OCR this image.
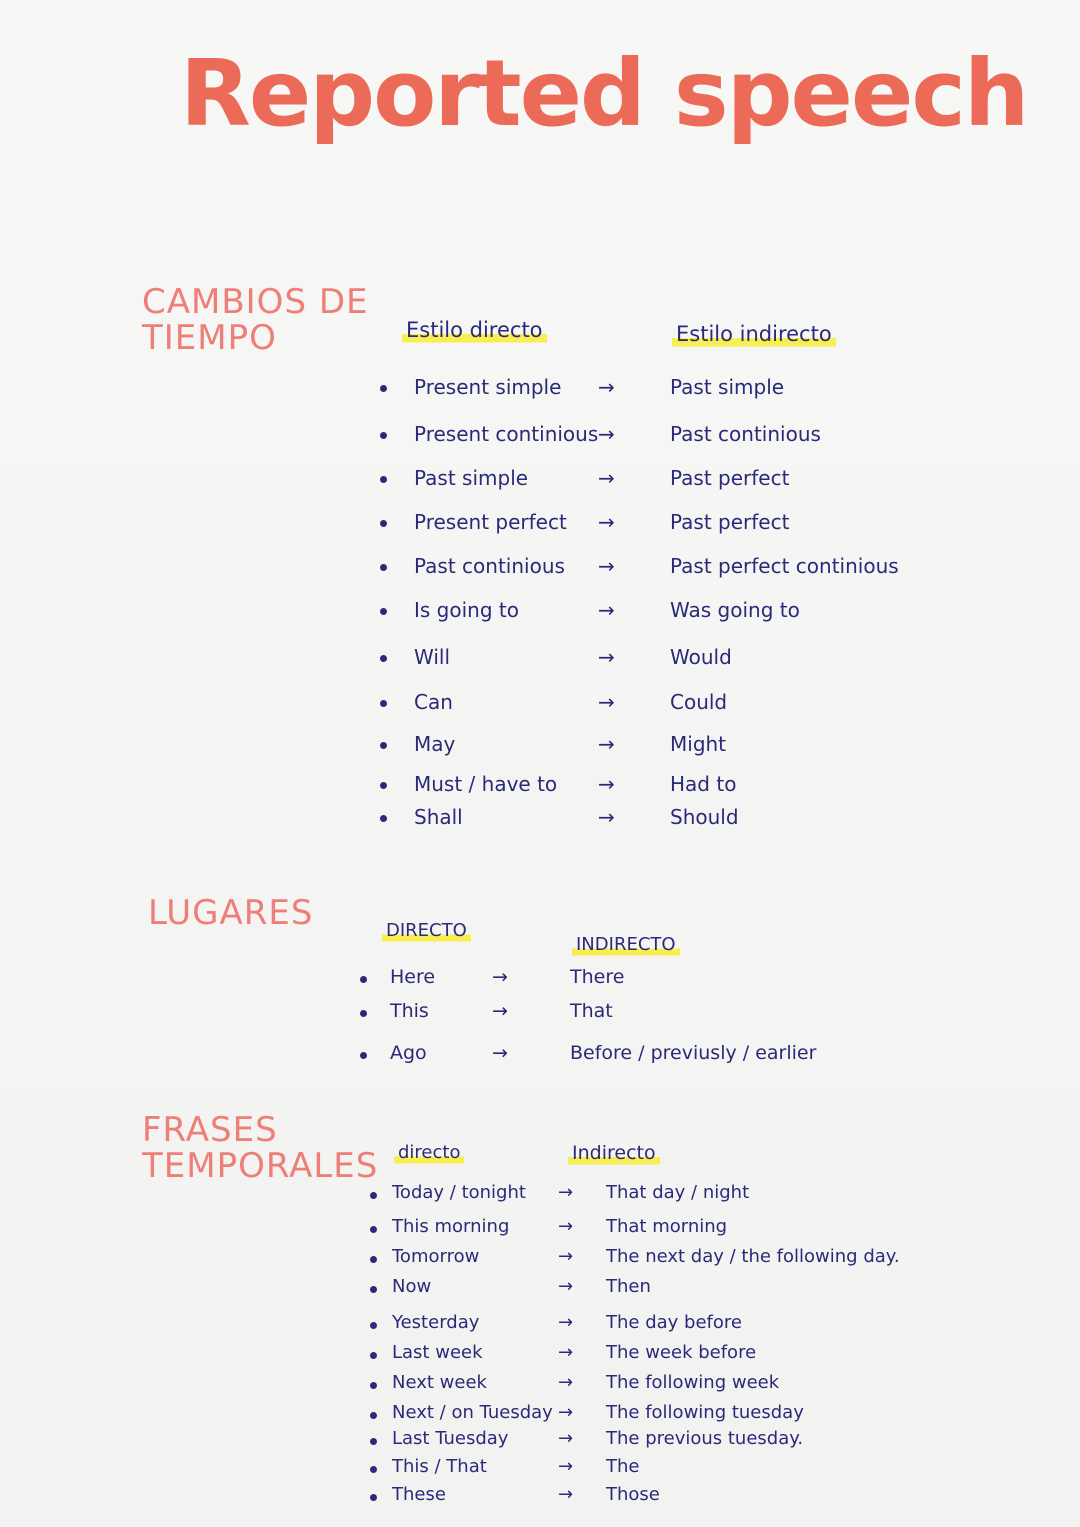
Reported speech
CAMBIOS DE
TIEMPO	Estilo directo	Estilo indirecto
Present simple →	Past simple
Present continious →	Past continious
Past simple	→	Past perfect
Present perfect →	Past perfect
Past continious →	Past perfect continious
Is going to	→	Was going to
Will	→	Would
Can	→	Could
May	→	Might
Must / have to →	Had to
Shall	→	Should
LUGARES	DIRECTO
INDIRECTO
Here	→	There
This	→	That
Ago	→	Before / previusly / earlier
FRASES
TEMPORALES directo	Indirecto
Today / tonight → That day / night
This morning	→ That morning
Tomorrow	→ The next day / the following day.
Now	→ Then
Yesterday	→ The day before
Last week	→ The week before
Next week	→ The following week
Next / on Tuesday → The following tuesday
Last Tuesday	→ The previous tuesday.
This / That	→ The
These	→ Those
